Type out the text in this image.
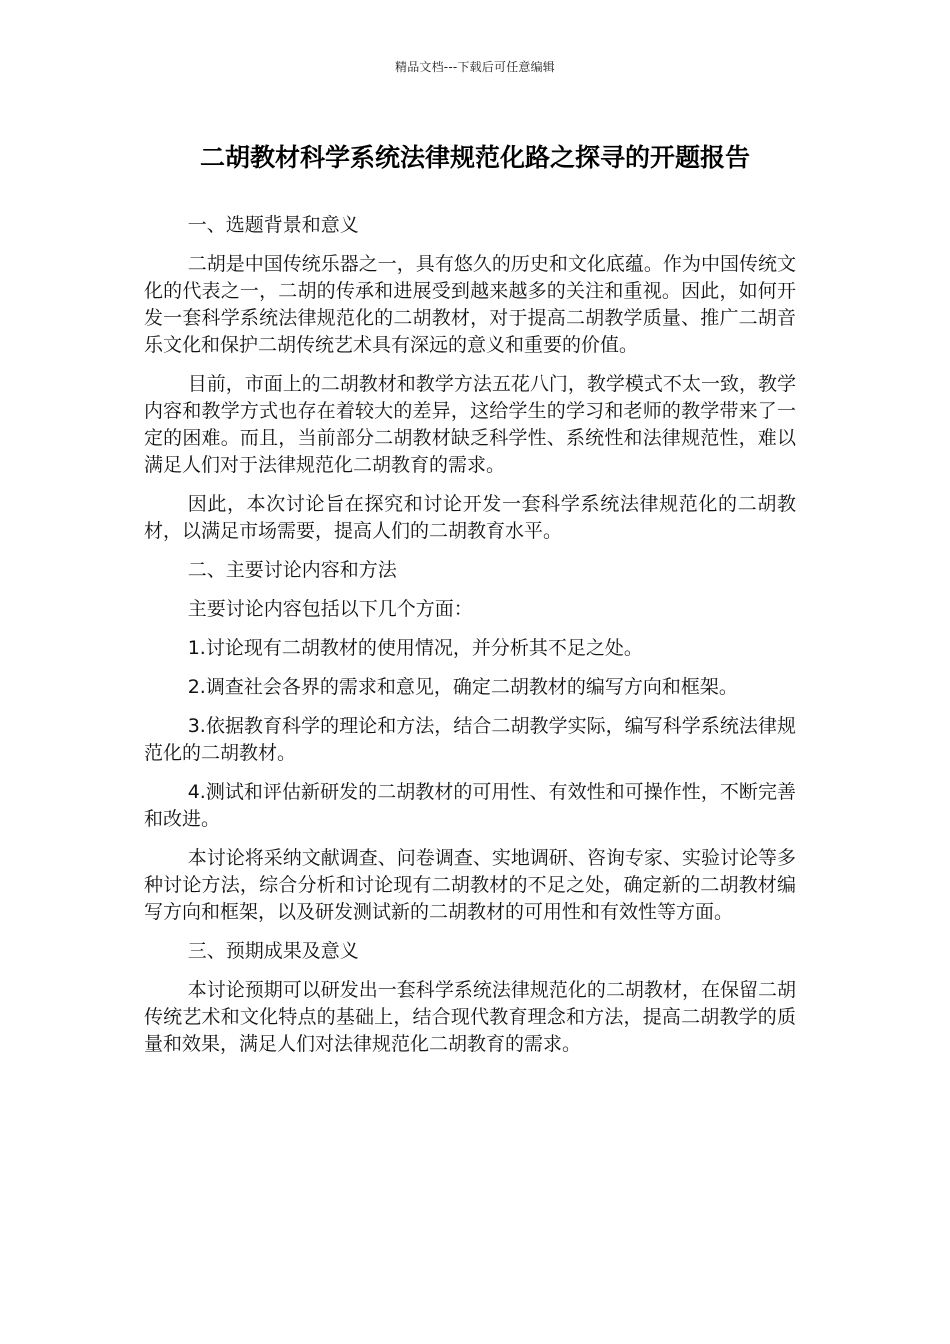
精品文档---下载后可任意编辑
二胡教材科学系统法律规范化路之探寻的开题报告

一、选题背景和意义

二胡是中国传统乐器之一，具有悠久的历史和文化底蕴。作为中国传统文化的代表之一，二胡的传承和进展受到越来越多的关注和重视。因此，如何开发一套科学系统法律规范化的二胡教材，对于提高二胡教学质量、推广二胡音乐文化和保护二胡传统艺术具有深远的意义和重要的价值。

目前，市面上的二胡教材和教学方法五花八门，教学模式不太一致，教学内容和教学方式也存在着较大的差异，这给学生的学习和老师的教学带来了一定的困难。而且，当前部分二胡教材缺乏科学性、系统性和法律规范性，难以满足人们对于法律规范化二胡教育的需求。

因此，本次讨论旨在探究和讨论开发一套科学系统法律规范化的二胡教材，以满足市场需要，提高人们的二胡教育水平。

二、主要讨论内容和方法

主要讨论内容包括以下几个方面：

1.讨论现有二胡教材的使用情况，并分析其不足之处。

2.调查社会各界的需求和意见，确定二胡教材的编写方向和框架。

3.依据教育科学的理论和方法，结合二胡教学实际，编写科学系统法律规范化的二胡教材。

4.测试和评估新研发的二胡教材的可用性、有效性和可操作性，不断完善和改进。

本讨论将采纳文献调查、问卷调查、实地调研、咨询专家、实验讨论等多种讨论方法，综合分析和讨论现有二胡教材的不足之处，确定新的二胡教材编写方向和框架，以及研发测试新的二胡教材的可用性和有效性等方面。

三、预期成果及意义

本讨论预期可以研发出一套科学系统法律规范化的二胡教材，在保留二胡传统艺术和文化特点的基础上，结合现代教育理念和方法，提高二胡教学的质量和效果，满足人们对法律规范化二胡教育的需求。
